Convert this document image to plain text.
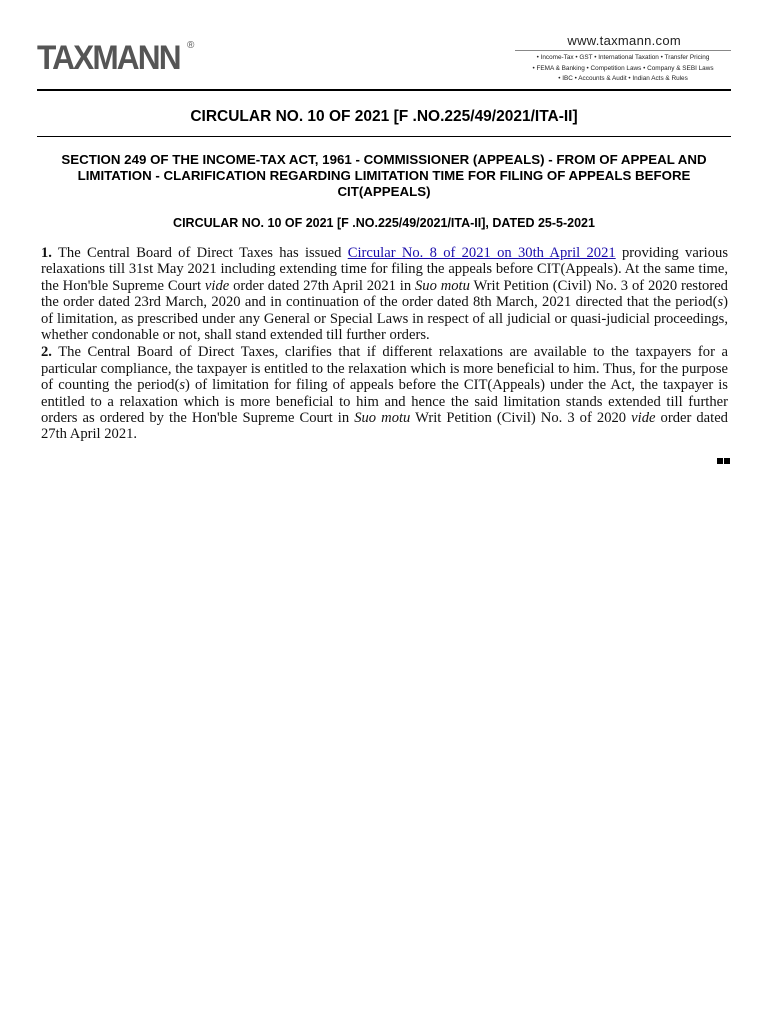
TAXMANN ®	www.taxmann.com
• Income-Tax • GST • International Taxation • Transfer Pricing
• FEMA & Banking • Competition Laws • Company & SEBI Laws
• IBC • Accounts & Audit • Indian Acts & Rules
CIRCULAR NO. 10 OF 2021 [F .NO.225/49/2021/ITA-II]
SECTION 249 OF THE INCOME-TAX ACT, 1961 - COMMISSIONER (APPEALS) - FROM OF APPEAL AND LIMITATION - CLARIFICATION REGARDING LIMITATION TIME FOR FILING OF APPEALS BEFORE CIT(APPEALS)
CIRCULAR NO. 10 OF 2021 [F .NO.225/49/2021/ITA-II], DATED 25-5-2021

1. The Central Board of Direct Taxes has issued Circular No. 8 of 2021 on 30th April 2021 providing various relaxations till 31st May 2021 including extending time for filing the appeals before CIT(Appeals). At the same time, the Hon'ble Supreme Court vide order dated 27th April 2021 in Suo motu Writ Petition (Civil) No. 3 of 2020 restored the order dated 23rd March, 2020 and in continuation of the order dated 8th March, 2021 directed that the period(s) of limitation, as prescribed under any General or Special Laws in respect of all judicial or quasi-judicial proceedings, whether condonable or not, shall stand extended till further orders.

2. The Central Board of Direct Taxes, clarifies that if different relaxations are available to the taxpayers for a particular compliance, the taxpayer is entitled to the relaxation which is more beneficial to him. Thus, for the purpose of counting the period(s) of limitation for filing of appeals before the CIT(Appeals) under the Act, the taxpayer is entitled to a relaxation which is more beneficial to him and hence the said limitation stands extended till further orders as ordered by the Hon'ble Supreme Court in Suo motu Writ Petition (Civil) No. 3 of 2020 vide order dated 27th April 2021.
